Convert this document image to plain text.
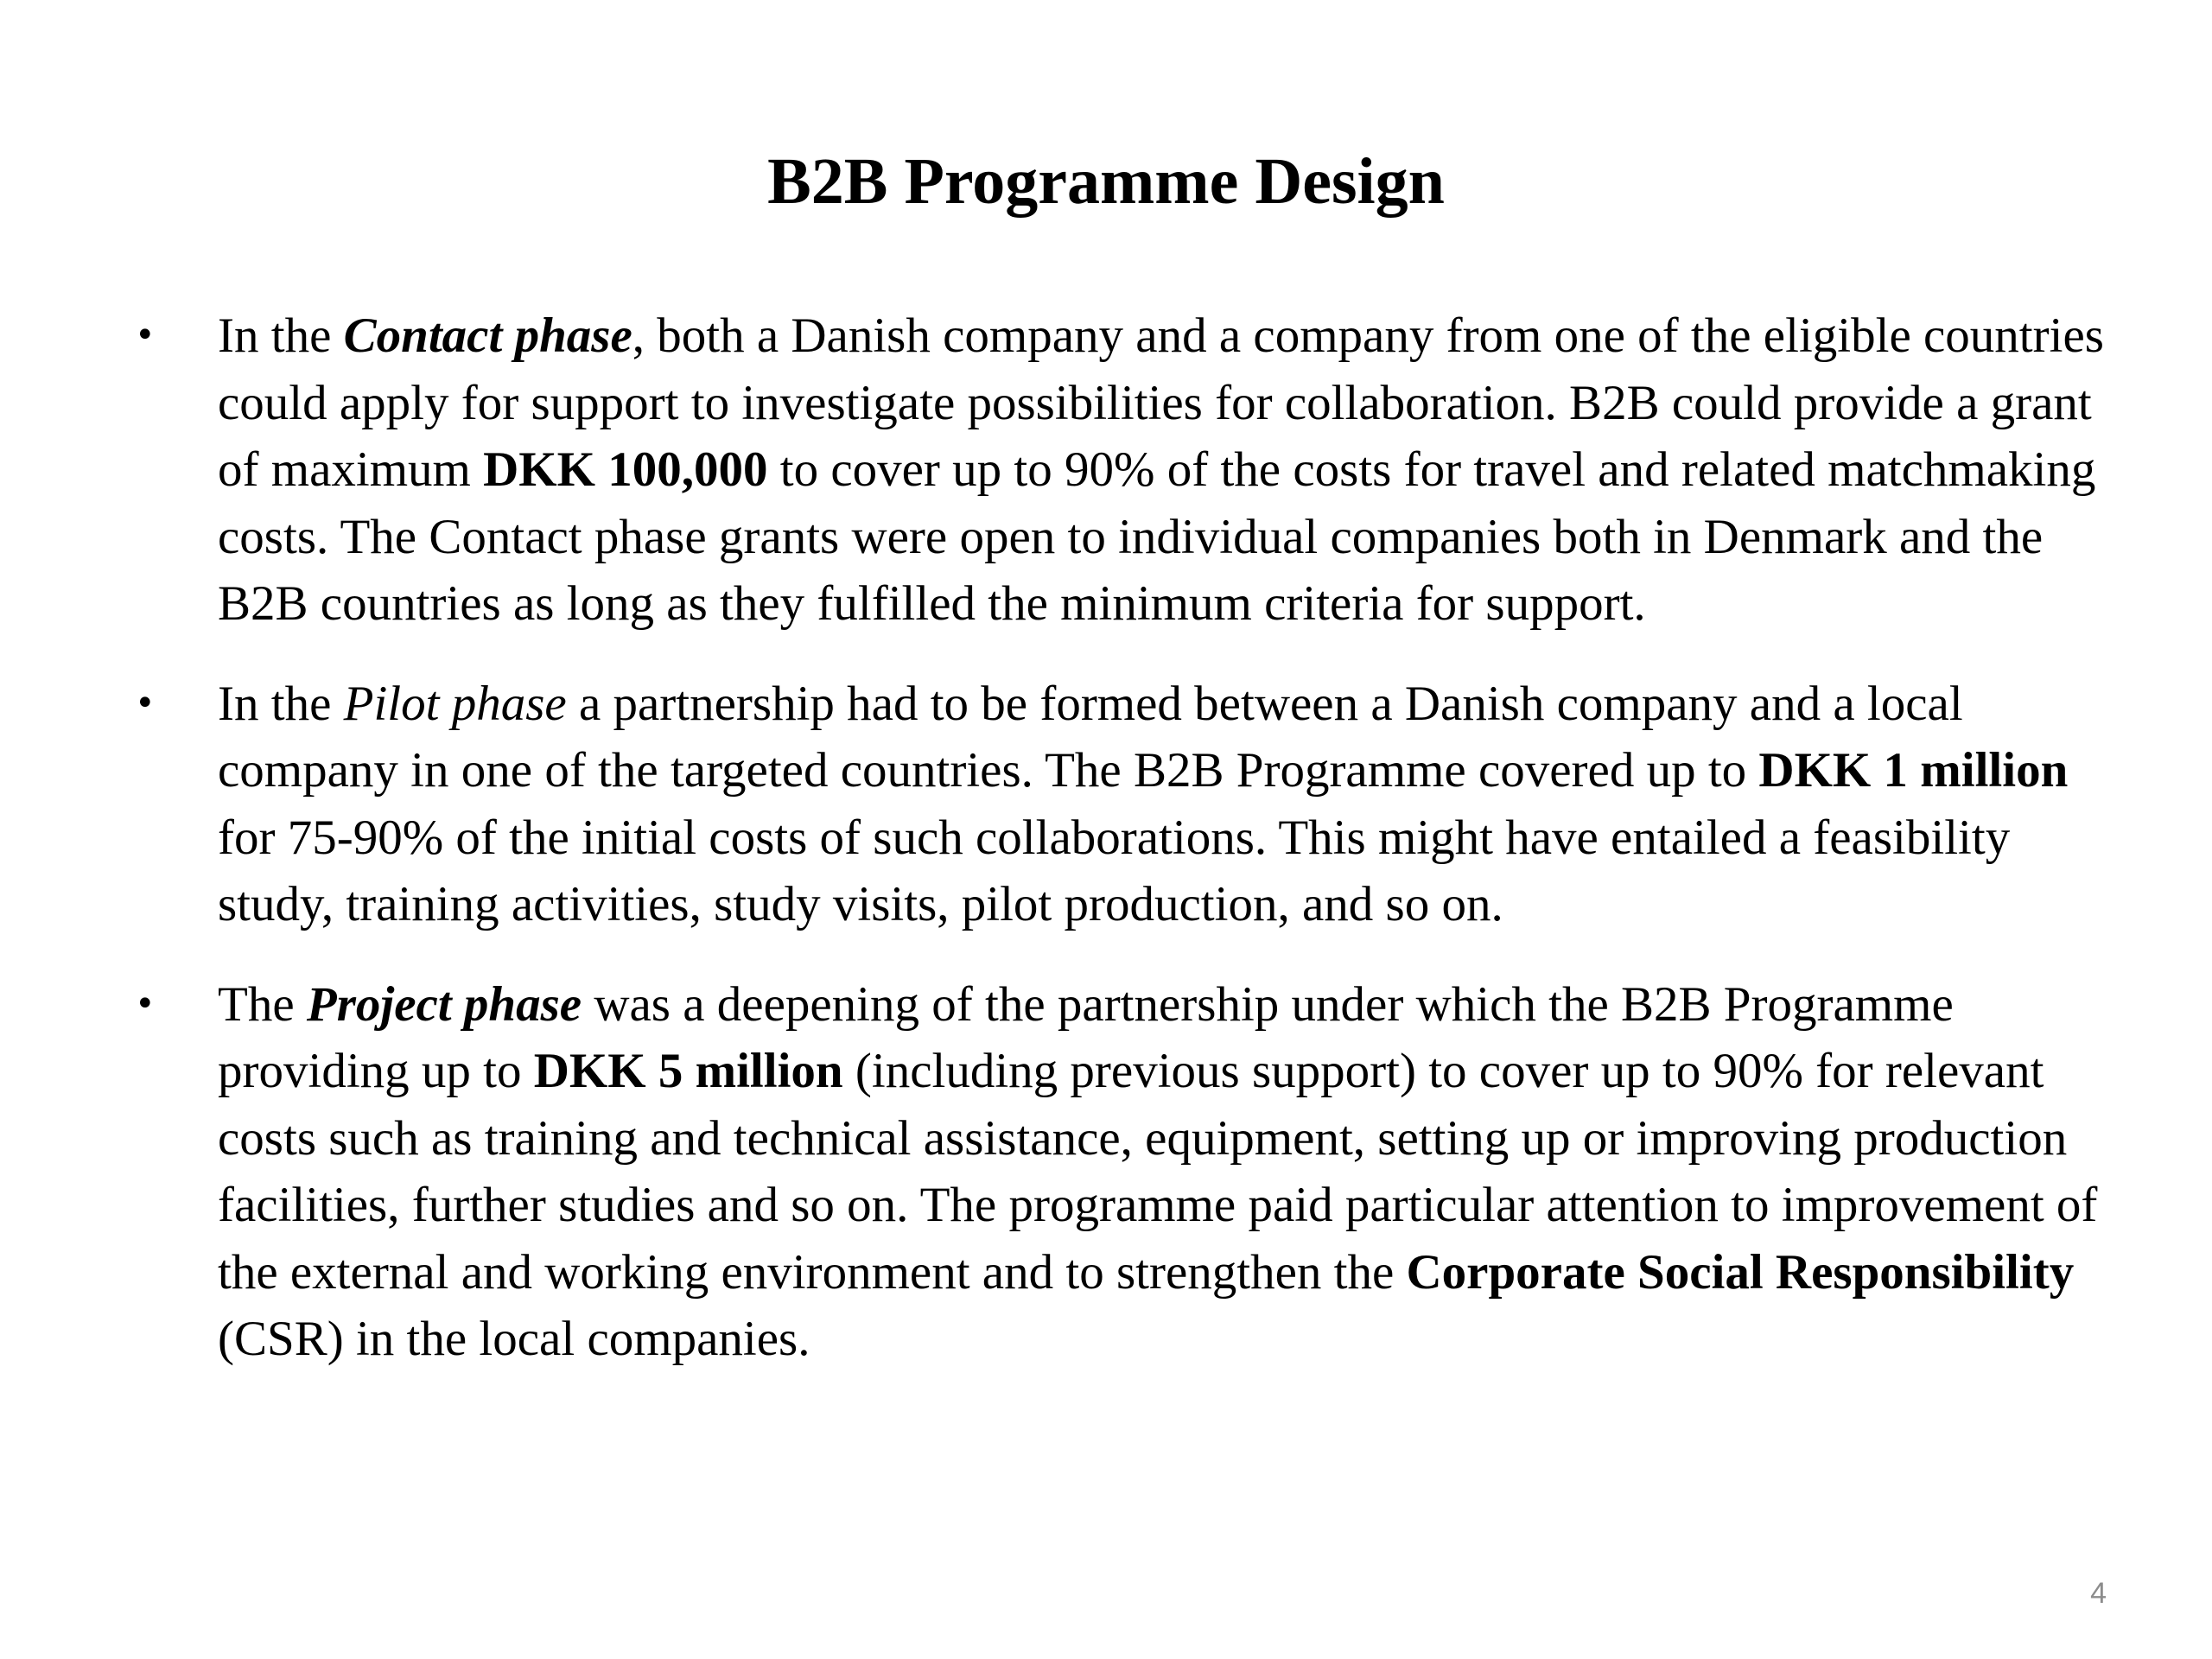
B2B Programme Design
• In the Contact phase, both a Danish company and a company from one of the eligible countries could apply for support to investigate possibilities for collaboration. B2B could provide a grant of maximum DKK 100,000 to cover up to 90% of the costs for travel and related matchmaking costs. The Contact phase grants were open to individual companies both in Denmark and the B2B countries as long as they fulfilled the minimum criteria for support.
• In the Pilot phase a partnership had to be formed between a Danish company and a local company in one of the targeted countries. The B2B Programme covered up to DKK 1 million for 75-90% of the initial costs of such collaborations. This might have entailed a feasibility study, training activities, study visits, pilot production, and so on.
• The Project phase was a deepening of the partnership under which the B2B Programme providing up to DKK 5 million (including previous support) to cover up to 90% for relevant costs such as training and technical assistance, equipment, setting up or improving production facilities, further studies and so on. The programme paid particular attention to improvement of the external and working environment and to strengthen the Corporate Social Responsibility (CSR) in the local companies.
4
